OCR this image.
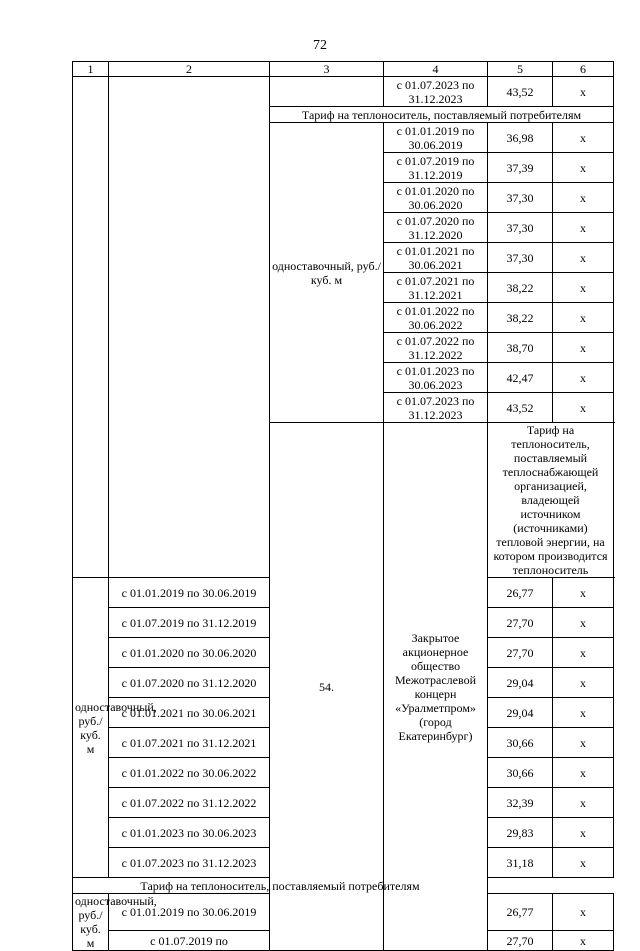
72
1	2	3	4	5	6
			с 01.07.2023 по 31.12.2023	43,52	х
		Тариф на теплоноситель, поставляемый потребителям			
		одноставочный, руб./куб. м	с 01.01.2019 по 30.06.2019	36,98	х
			с 01.07.2019 по 31.12.2019	37,39	х
			с 01.01.2020 по 30.06.2020	37,30	х
			с 01.07.2020 по 31.12.2020	37,30	х
			с 01.01.2021 по 30.06.2021	37,30	х
			с 01.07.2021 по 31.12.2021	38,22	х
			с 01.01.2022 по 30.06.2022	38,22	х
			с 01.07.2022 по 31.12.2022	38,70	х
			с 01.01.2023 по 30.06.2023	42,47	х
			с 01.07.2023 по 31.12.2023	43,52	х
		54.	Закрытое акционерное общество Межотраслевой концерн «Уралметпром» (город Екатеринбург)	Тариф на теплоноситель, поставляемый теплоснабжающей организацией, владеющей источником (источниками) тепловой энергии, на котором производится теплоноситель	
одноставочный, руб./куб. м	с 01.01.2019 по 30.06.2019			26,77	х
	с 01.07.2019 по 31.12.2019			27,70	х
	с 01.01.2020 по 30.06.2020			27,70	х
	с 01.07.2020 по 31.12.2020			29,04	х
	с 01.01.2021 по 30.06.2021			29,04	х
	с 01.07.2021 по 31.12.2021			30,66	х
	с 01.01.2022 по 30.06.2022			30,66	х
	с 01.07.2022 по 31.12.2022			32,39	х
	с 01.01.2023 по 30.06.2023			29,83	х
	с 01.07.2023 по 31.12.2023			31,18	х
Тариф на теплоноситель, поставляемый потребителям					
одноставочный, руб./куб. м	с 01.01.2019 по 30.06.2019			26,77	х
	с 01.07.2019 по			27,70	х
